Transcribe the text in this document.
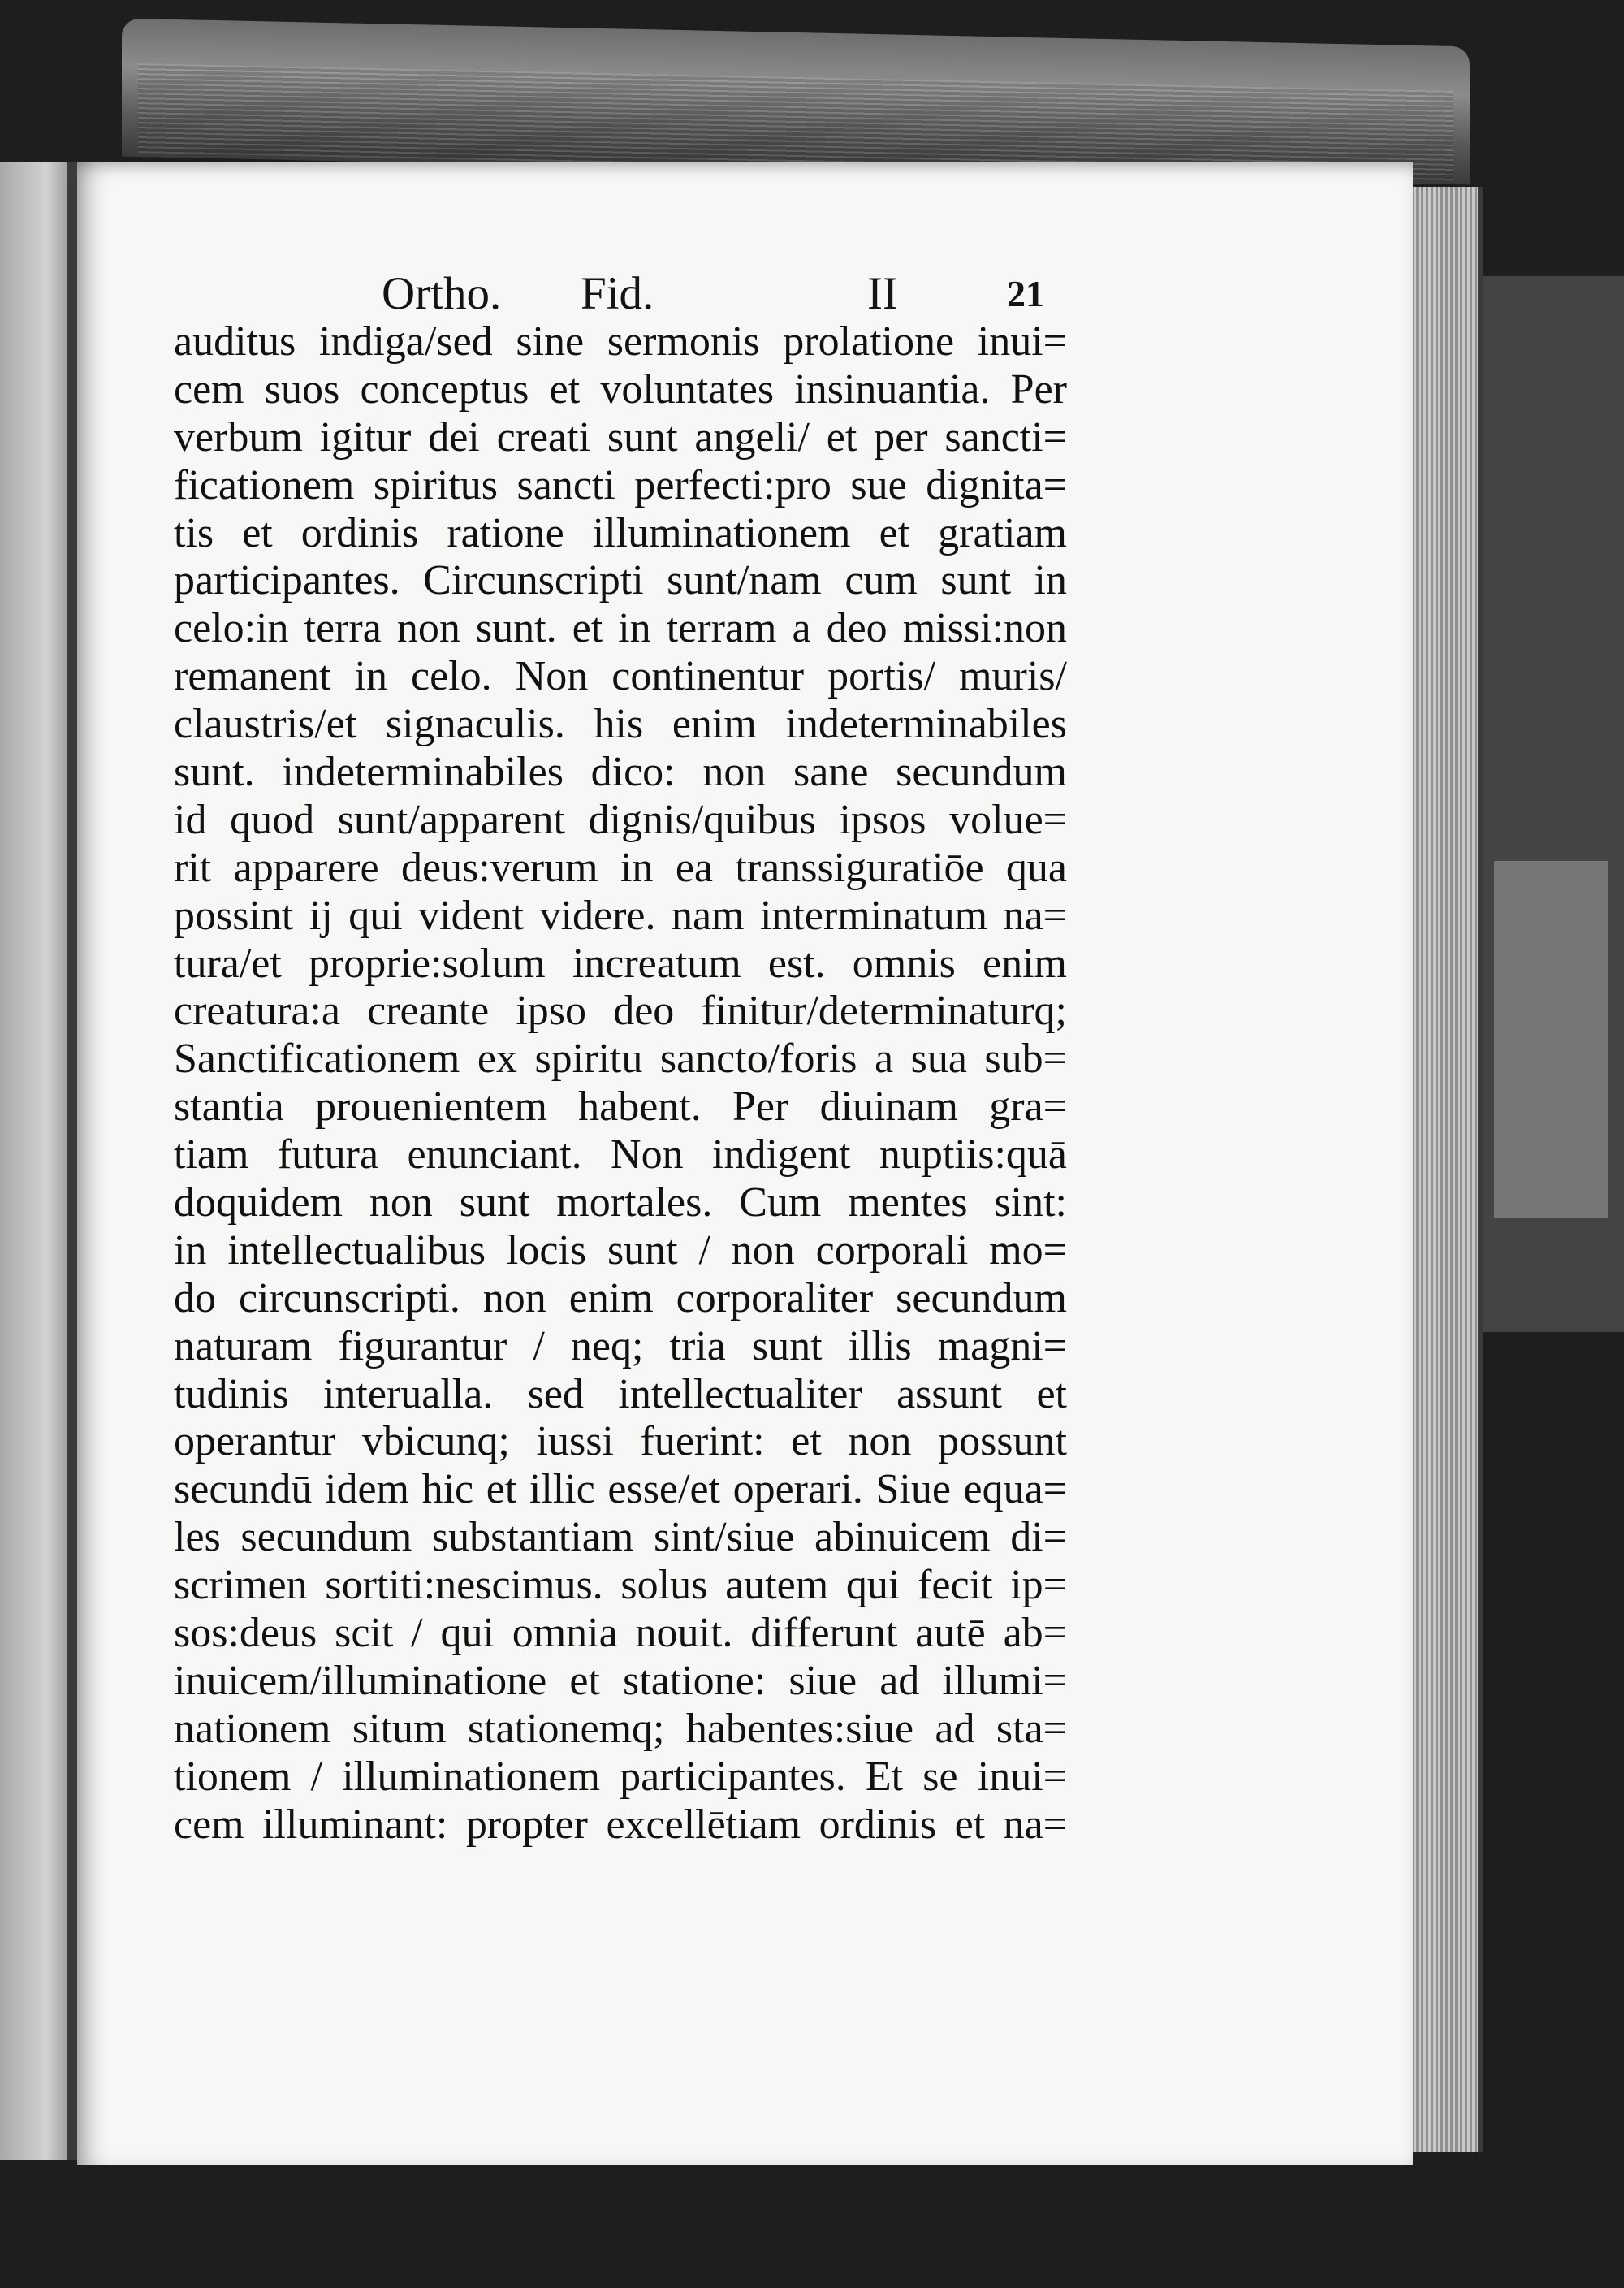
Ortho. Fid.	II	21
auditus indiga/sed sine sermonis prolatione inui=
cem suos conceptus et voluntates insinuantia. Per
verbum igitur dei creati sunt angeli/ et per sancti=
ficationem spiritus sancti perfecti:pro sue dignita=
tis et ordinis ratione illuminationem et gratiam
participantes. Circunscripti sunt/nam cum sunt in
celo:in terra non sunt. et in terram a deo missi:non
remanent in celo. Non continentur portis/ muris/
claustris/et signaculis. his enim indeterminabiles
sunt. indeterminabiles dico: non sane secundum
id quod sunt/apparent dignis/quibus ipsos volue=
rit apparere deus:verum in ea transsiguratiōe qua
possint ij qui vident videre. nam interminatum na=
tura/et proprie:solum increatum est. omnis enim
creatura:a creante ipso deo finitur/determinaturq;
Sanctificationem ex spiritu sancto/foris a sua sub=
stantia prouenientem habent. Per diuinam gra=
tiam futura enunciant. Non indigent nuptiis:quā
doquidem non sunt mortales. Cum mentes sint:
in intellectualibus locis sunt / non corporali mo=
do circunscripti. non enim corporaliter secundum
naturam figurantur / neq; tria sunt illis magni=
tudinis interualla. sed intellectualiter assunt et
operantur vbicunq; iussi fuerint: et non possunt
secundū idem hic et illic esse/et operari. Siue equa=
les secundum substantiam sint/siue abinuicem di=
scrimen sortiti:nescimus. solus autem qui fecit ip=
sos:deus scit / qui omnia nouit. differunt autē ab=
inuicem/illuminatione et statione: siue ad illumi=
nationem situm stationemq; habentes:siue ad sta=
tionem / illuminationem participantes. Et se inui=
cem illuminant: propter excellētiam ordinis et na=
